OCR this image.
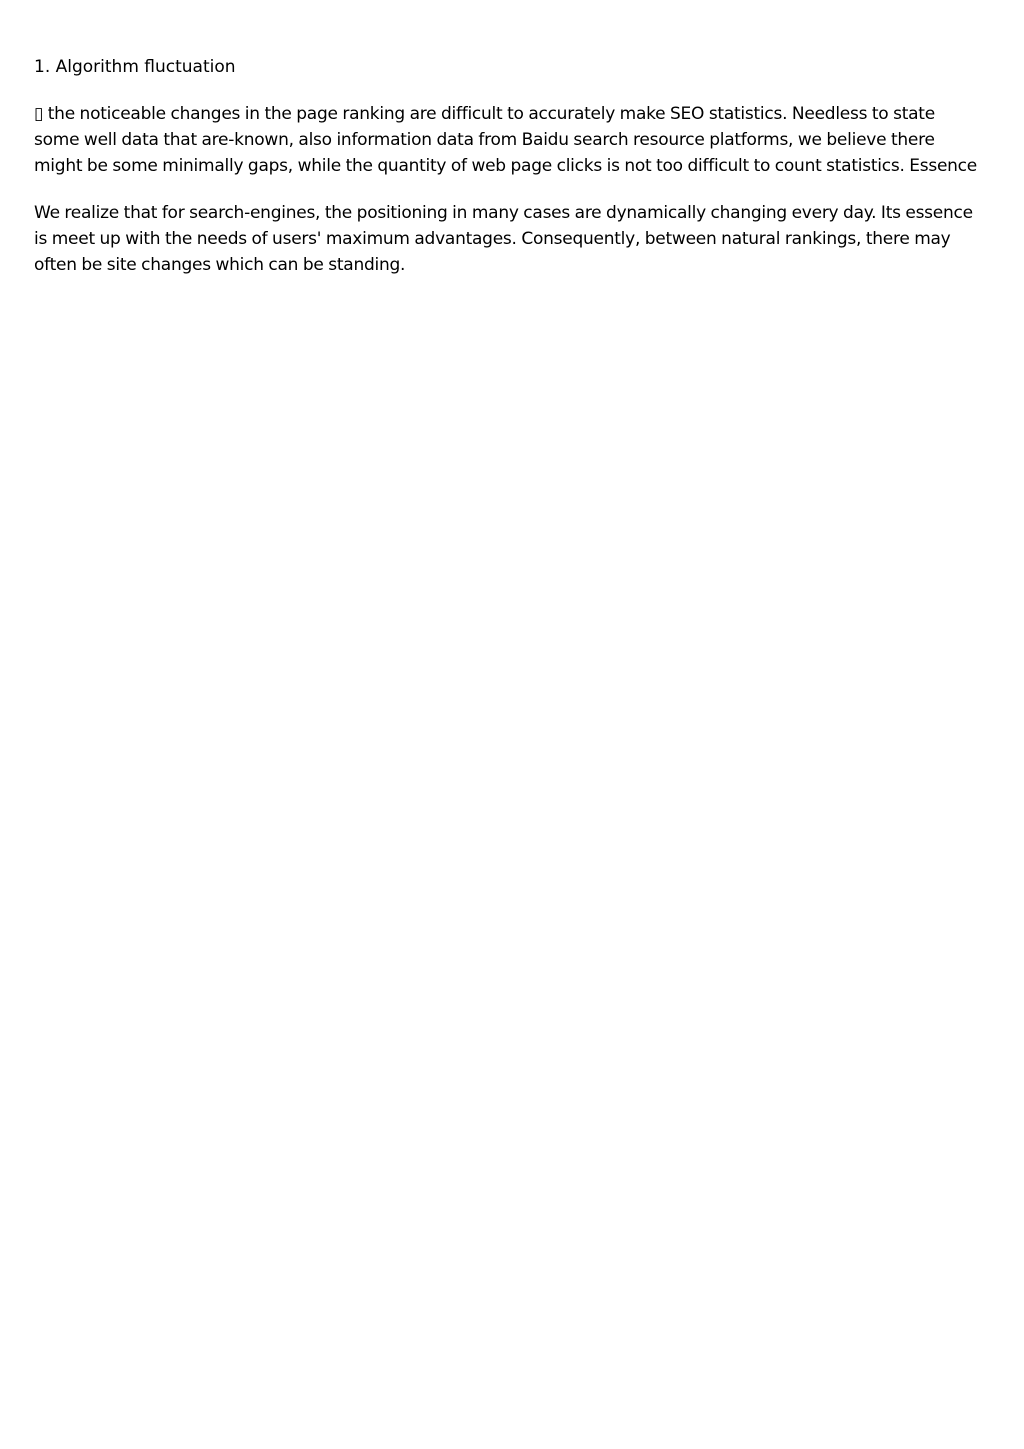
1. Algorithm fluctuation

▯ the noticeable changes in the page ranking are difficult to accurately make SEO statistics. Needless to state
some well data that are-known, also information data from Baidu search resource platforms, we believe there
might be some minimally gaps, while the quantity of web page clicks is not too difficult to count statistics. Essence

We realize that for search-engines, the positioning in many cases are dynamically changing every day. Its essence
is meet up with the needs of users' maximum advantages. Consequently, between natural rankings, there may
often be site changes which can be standing.
